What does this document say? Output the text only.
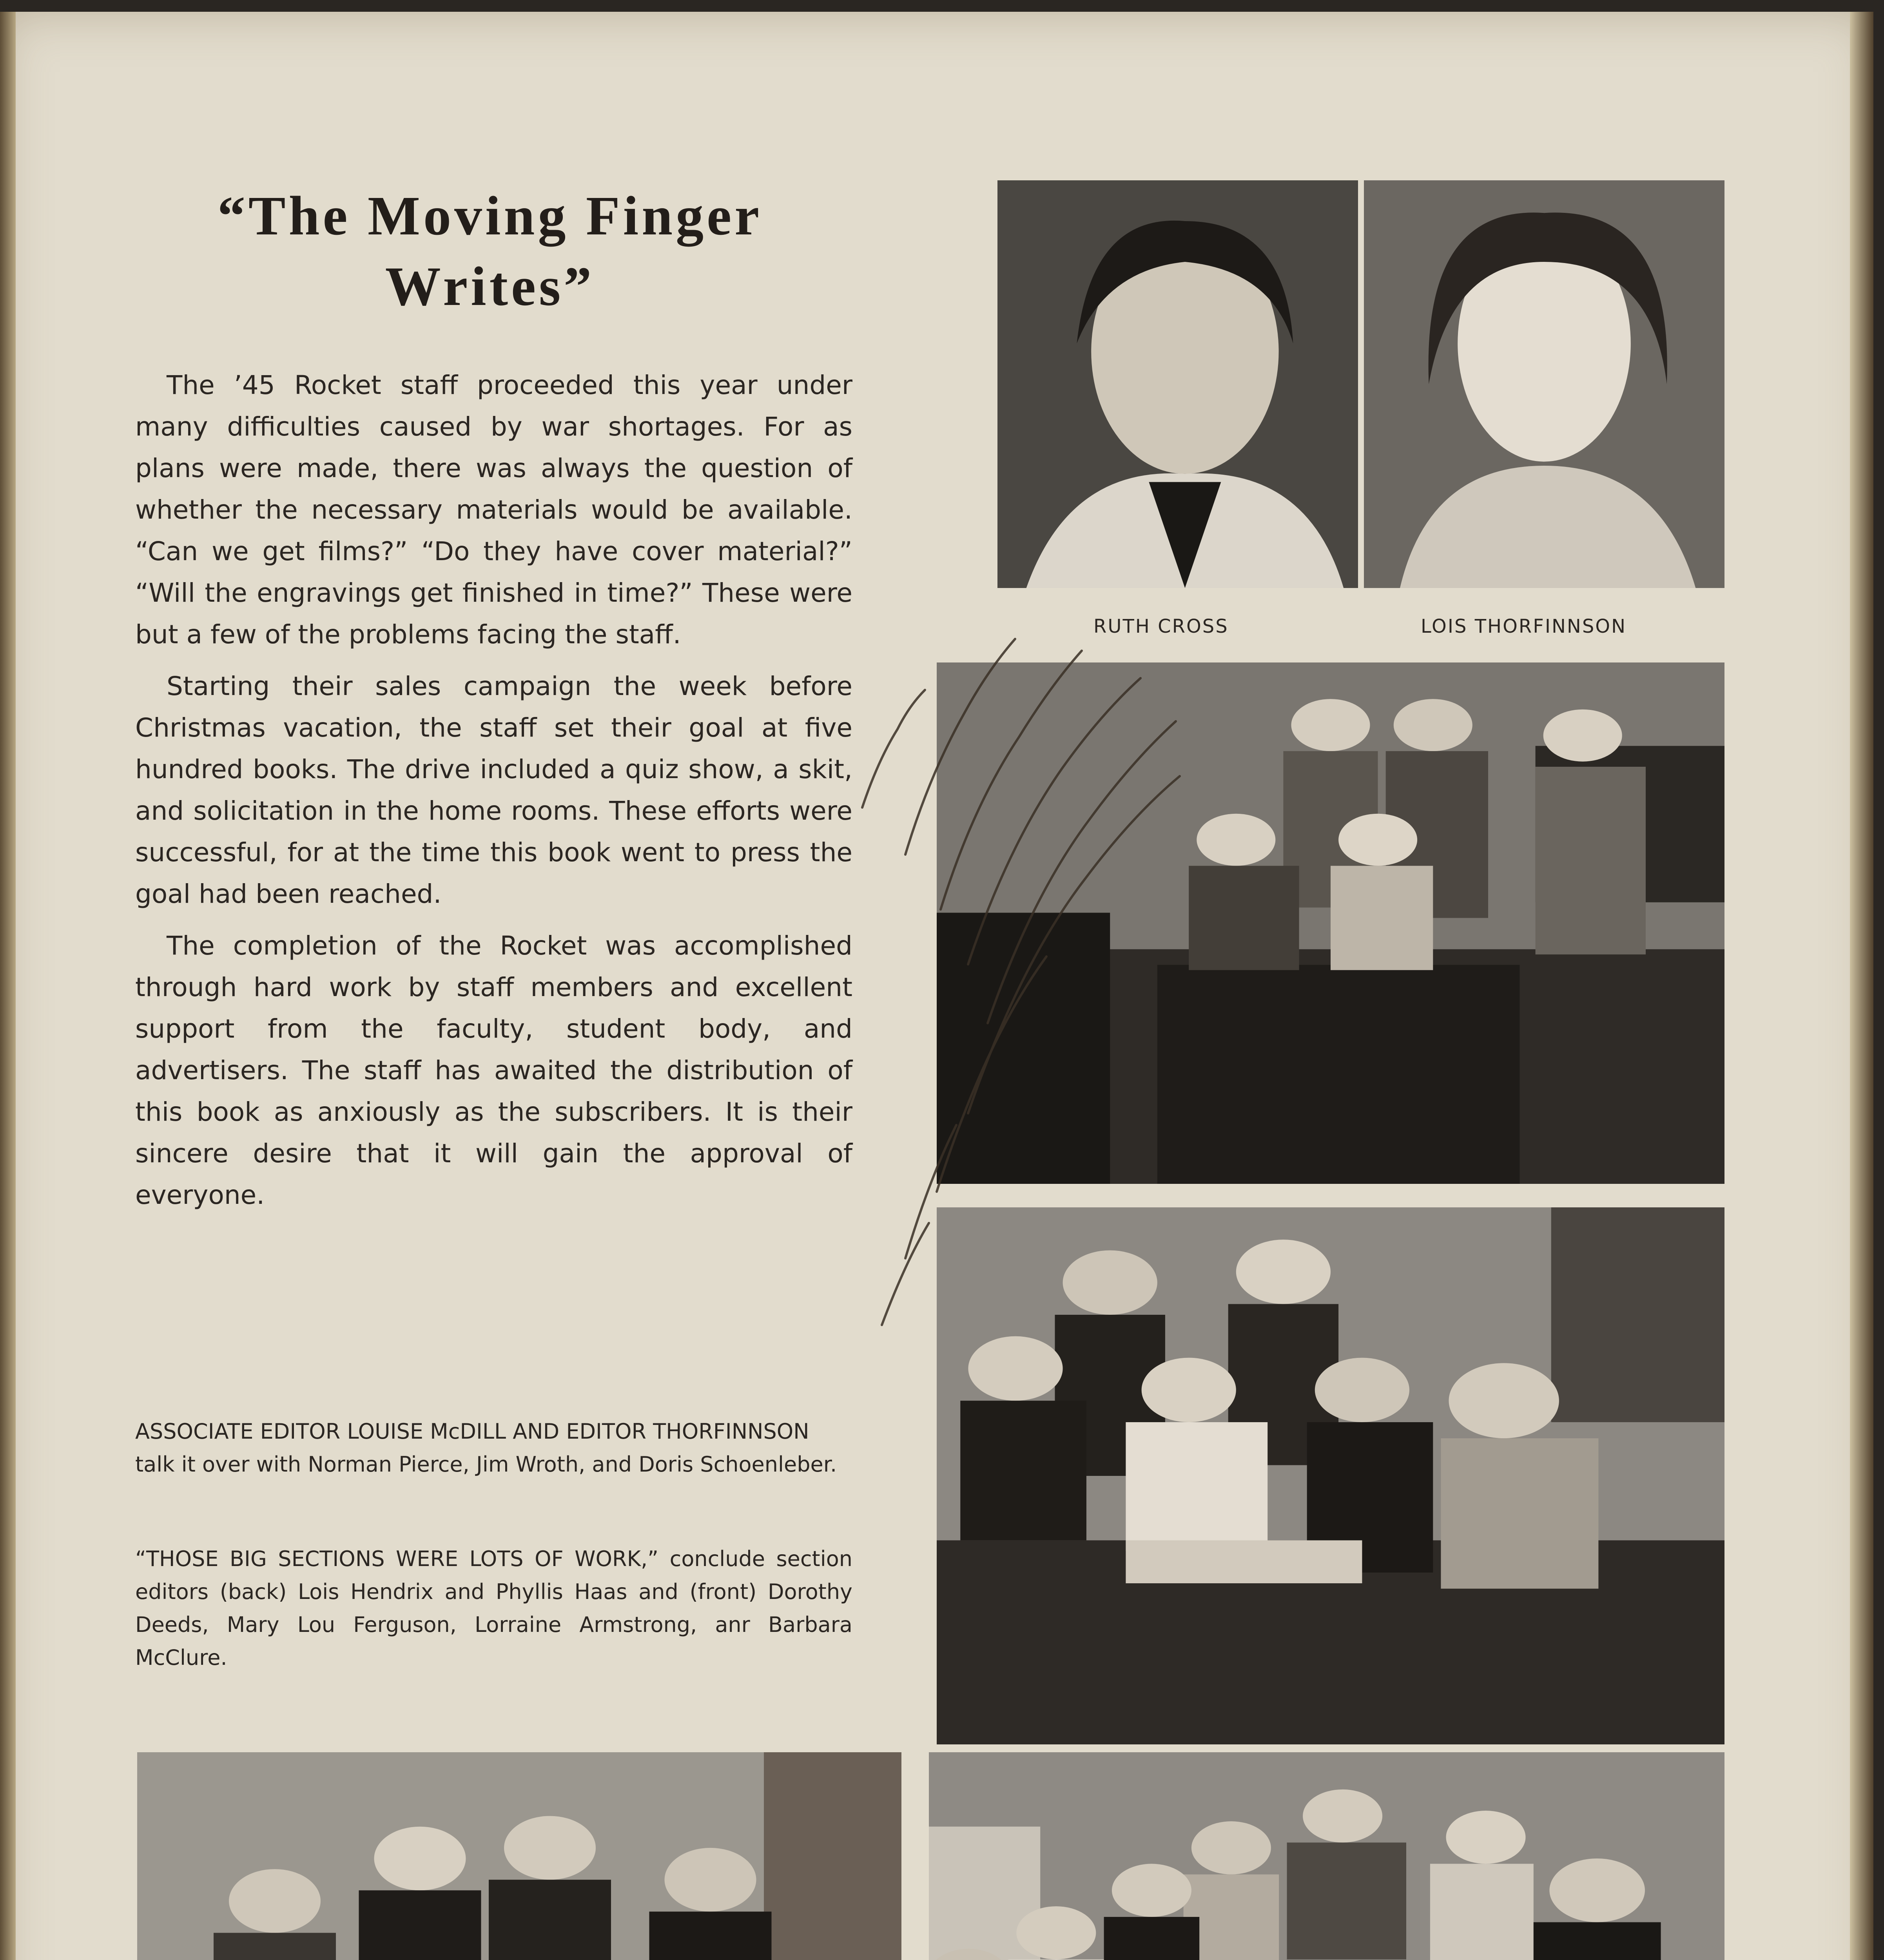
“The Moving Finger Writes”

The ’45 Rocket staff proceeded this year under many difficulties caused by war shortages. For as plans were made, there was always the question of whether the necessary materials would be available. “Can we get films?” “Do they have cover material?” “Will the engravings get finished in time?” These were but a few of the problems facing the staff.

Starting their sales campaign the week before Christmas vacation, the staff set their goal at five hundred books. The drive included a quiz show, a skit, and solicitation in the home rooms. These efforts were successful, for at the time this book went to press the goal had been reached.

The completion of the Rocket was accomplished through hard work by staff members and excellent support from the faculty, student body, and advertisers. The staff has awaited the distribution of this book as anxiously as the subscribers. It is their sincere desire that it will gain the approval of everyone.

RUTH CROSS	LOIS THORFINNSON
ASSOCIATE EDITOR LOUISE McDILL AND EDITOR THORFINNSON talk it over with Norman Pierce, Jim Wroth, and Doris Schoenleber.
“THOSE BIG SECTIONS WERE LOTS OF WORK,” conclude section editors (back) Lois Hendrix and Phyllis Haas and (front) Dorothy Deeds, Mary Lou Ferguson, Lorraine Armstrong, anr Barbara McClure.
